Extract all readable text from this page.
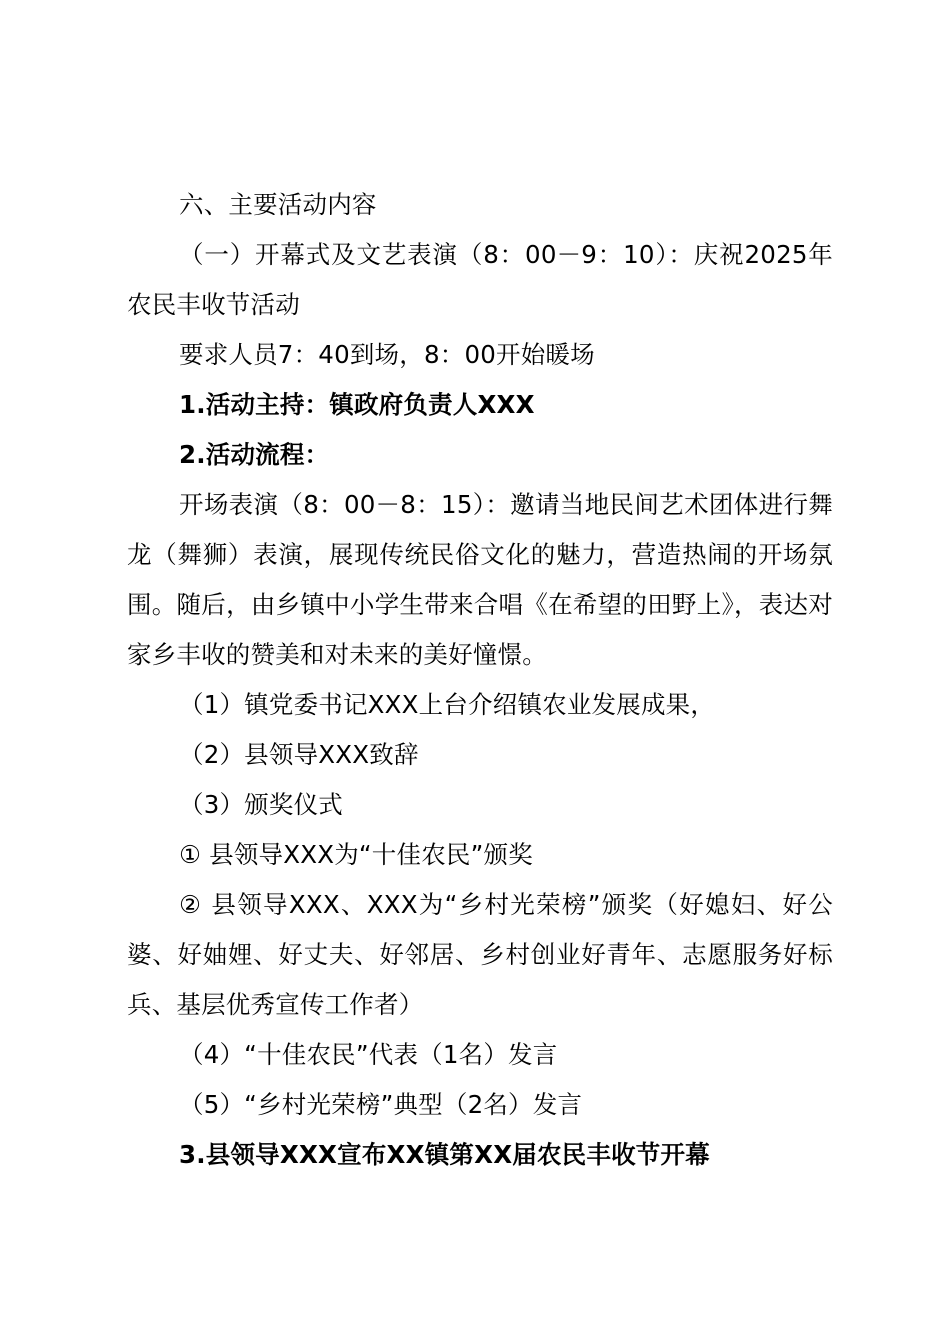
六、主要活动内容

（一）开幕式及文艺表演（8：00－9：10）：庆祝2025年农民丰收节活动

要求人员7：40到场，8：00开始暖场

1.活动主持：镇政府负责人XXX

2.活动流程：

开场表演（8：00－8：15）：邀请当地民间艺术团体进行舞龙（舞狮）表演，展现传统民俗文化的魅力，营造热闹的开场氛围。随后，由乡镇中小学生带来合唱《在希望的田野上》，表达对家乡丰收的赞美和对未来的美好憧憬。

（1）镇党委书记XXX上台介绍镇农业发展成果，

（2）县领导XXX致辞

（3）颁奖仪式

① 县领导XXX为“十佳农民”颁奖

② 县领导XXX、XXX为“乡村光荣榜”颁奖（好媳妇、好公婆、好妯娌、好丈夫、好邻居、乡村创业好青年、志愿服务好标兵、基层优秀宣传工作者）

（4）“十佳农民”代表（1名）发言

（5）“乡村光荣榜”典型（2名）发言

3.县领导XXX宣布XX镇第XX届农民丰收节开幕
